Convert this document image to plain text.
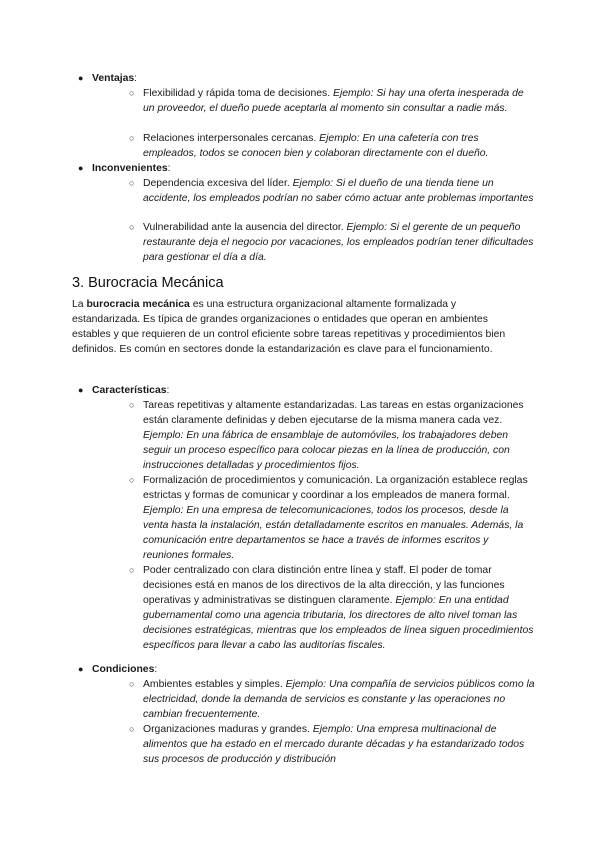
● Ventajas:
○ Flexibilidad y rápida toma de decisiones. Ejemplo: Si hay una oferta inesperada de un proveedor, el dueño puede aceptarla al momento sin consultar a nadie más.
○ Relaciones interpersonales cercanas. Ejemplo: En una cafetería con tres empleados, todos se conocen bien y colaboran directamente con el dueño.
● Inconvenientes:
○ Dependencia excesiva del líder. Ejemplo: Si el dueño de una tienda tiene un accidente, los empleados podrían no saber cómo actuar ante problemas importantes
○ Vulnerabilidad ante la ausencia del director. Ejemplo: Si el gerente de un pequeño restaurante deja el negocio por vacaciones, los empleados podrían tener dificultades para gestionar el día a día.
3. Burocracia Mecánica
La burocracia mecánica es una estructura organizacional altamente formalizada y estandarizada. Es típica de grandes organizaciones o entidades que operan en ambientes estables y que requieren de un control eficiente sobre tareas repetitivas y procedimientos bien definidos. Es común en sectores donde la estandarización es clave para el funcionamiento.
● Características:
○ Tareas repetitivas y altamente estandarizadas. Las tareas en estas organizaciones están claramente definidas y deben ejecutarse de la misma manera cada vez. Ejemplo: En una fábrica de ensamblaje de automóviles, los trabajadores deben seguir un proceso específico para colocar piezas en la línea de producción, con instrucciones detalladas y procedimientos fijos.
○ Formalización de procedimientos y comunicación. La organización establece reglas estrictas y formas de comunicar y coordinar a los empleados de manera formal. Ejemplo: En una empresa de telecomunicaciones, todos los procesos, desde la venta hasta la instalación, están detalladamente escritos en manuales. Además, la comunicación entre departamentos se hace a través de informes escritos y reuniones formales.
○ Poder centralizado con clara distinción entre línea y staff. El poder de tomar decisiones está en manos de los directivos de la alta dirección, y las funciones operativas y administrativas se distinguen claramente. Ejemplo: En una entidad gubernamental como una agencia tributaria, los directores de alto nivel toman las decisiones estratégicas, mientras que los empleados de línea siguen procedimientos específicos para llevar a cabo las auditorías fiscales.
● Condiciones:
○ Ambientes estables y simples. Ejemplo: Una compañía de servicios públicos como la electricidad, donde la demanda de servicios es constante y las operaciones no cambian frecuentemente.
○ Organizaciones maduras y grandes. Ejemplo: Una empresa multinacional de alimentos que ha estado en el mercado durante décadas y ha estandarizado todos sus procesos de producción y distribución
